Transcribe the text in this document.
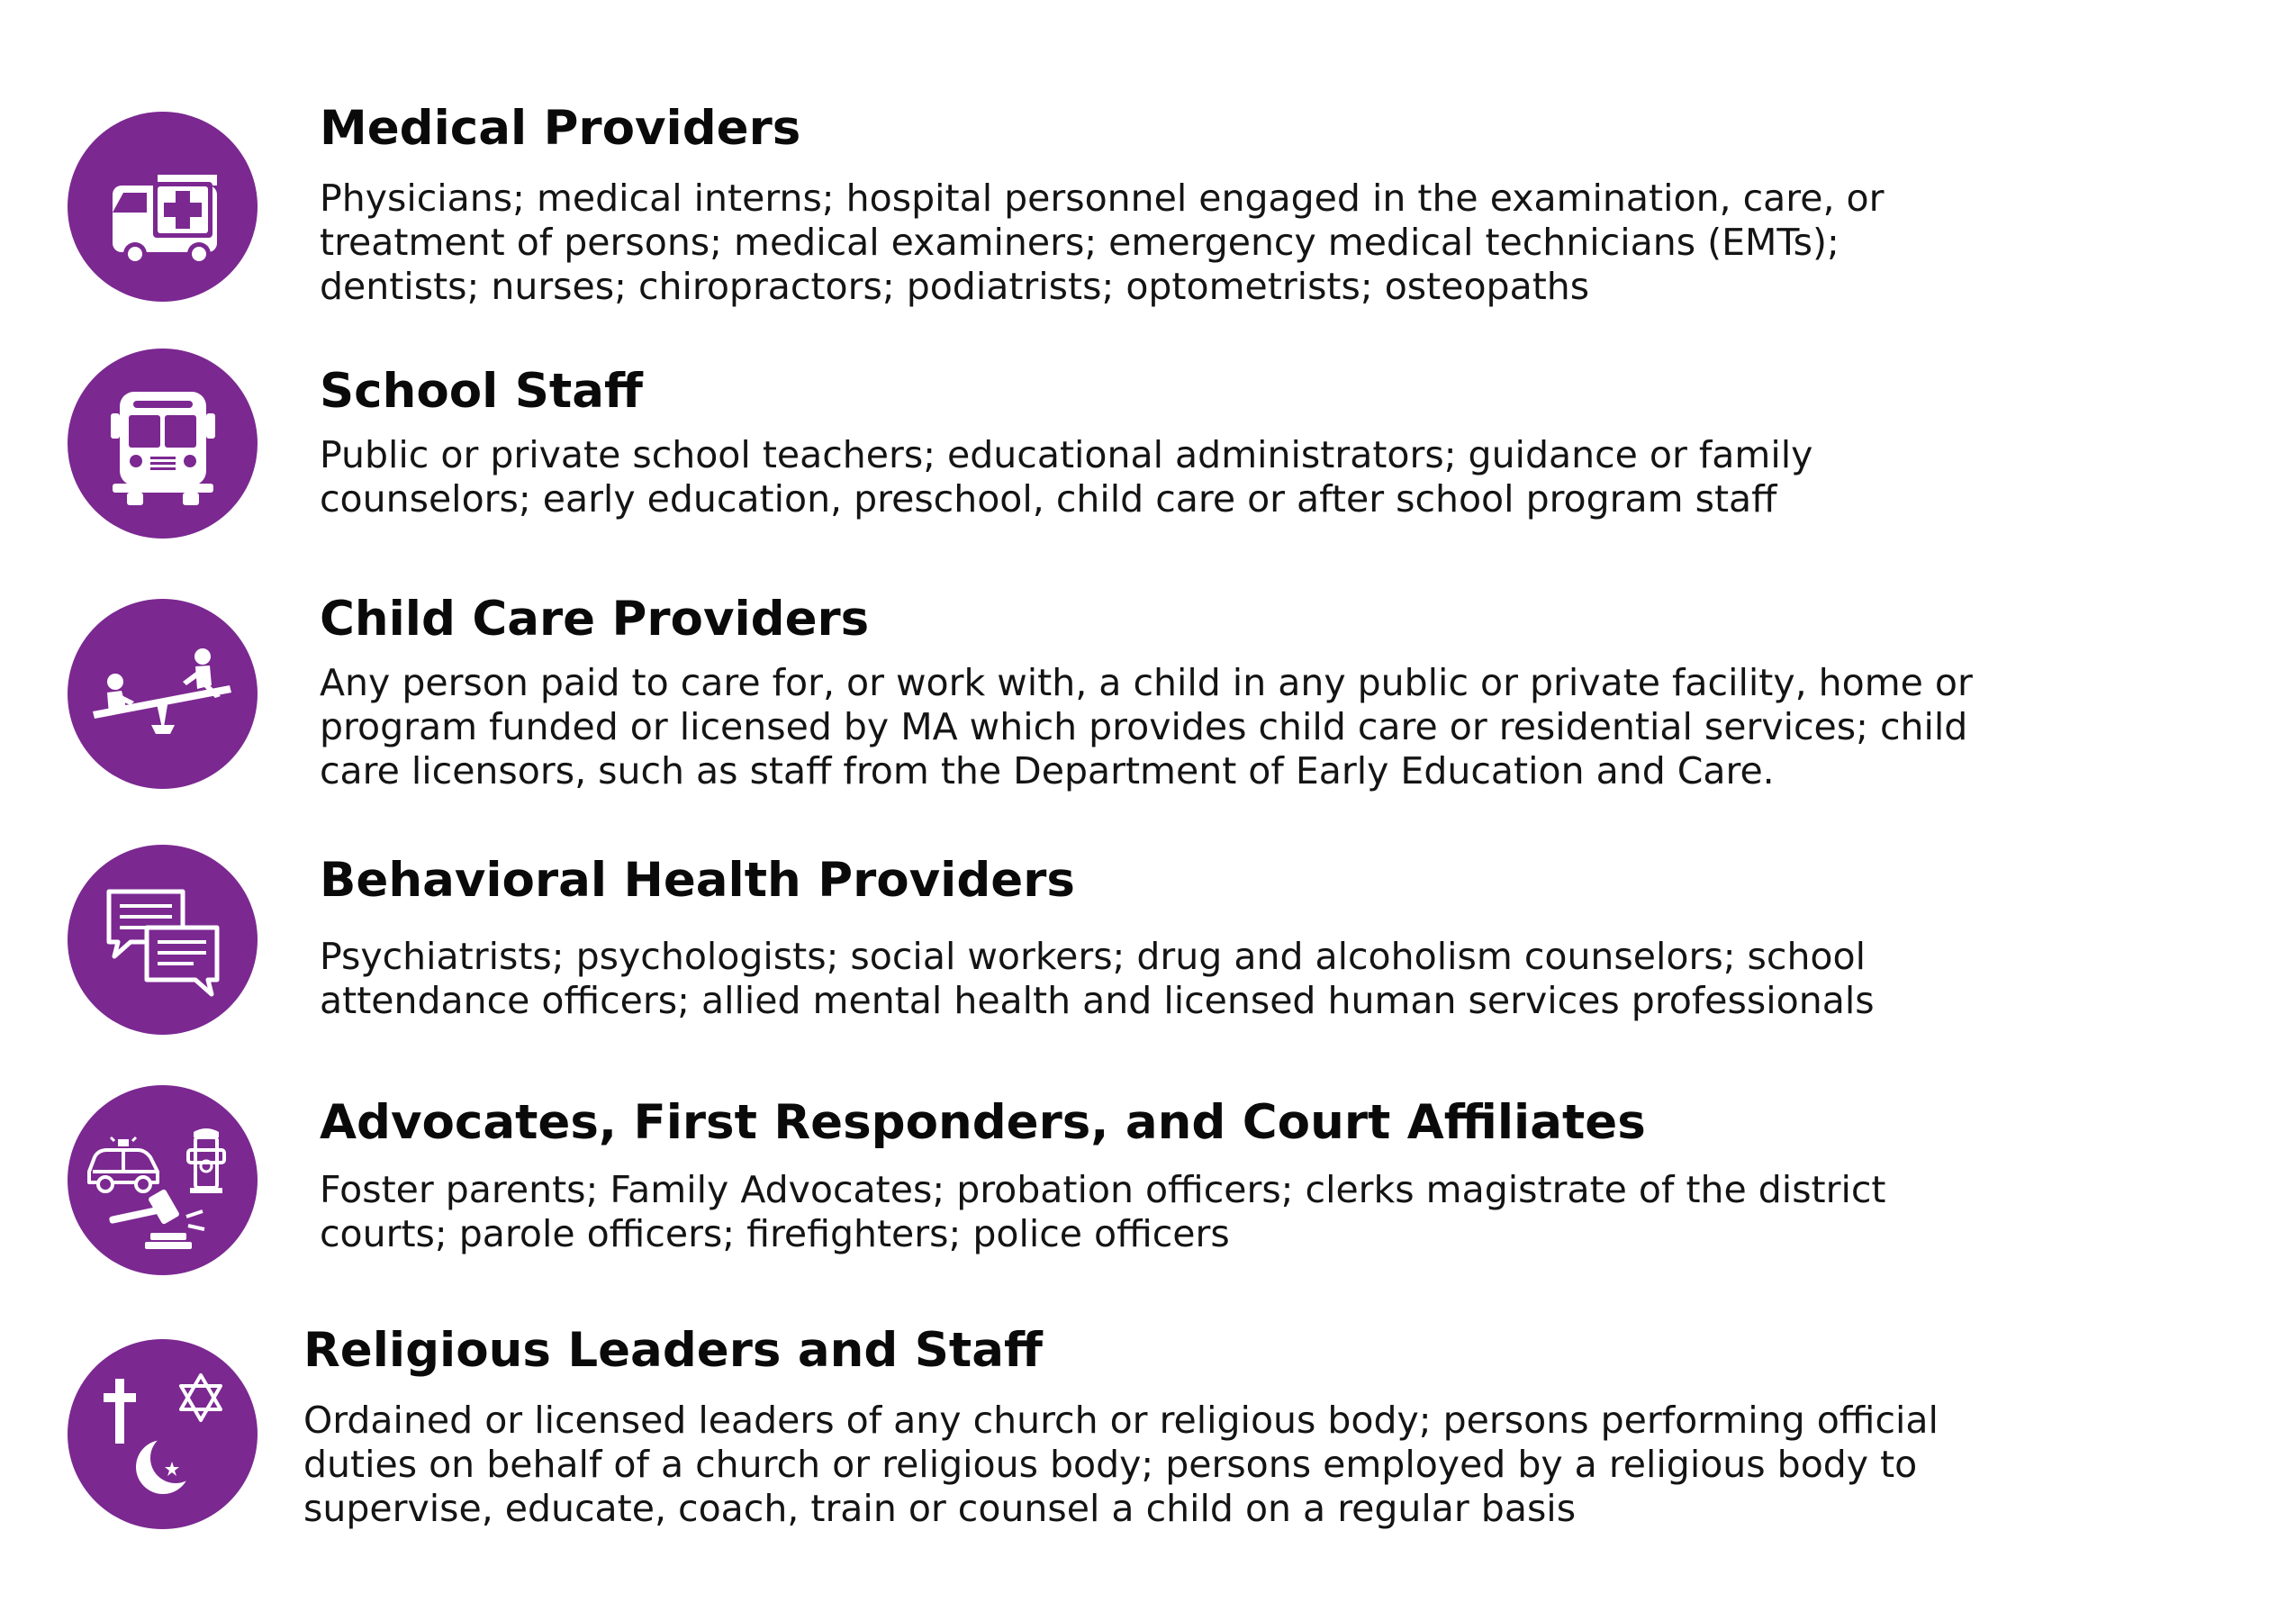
Medical Providers

Physicians; medical interns; hospital personnel engaged in the examination, care, or
treatment of persons; medical examiners; emergency medical technicians (EMTs);
dentists; nurses; chiropractors; podiatrists; optometrists; osteopaths

School Staff

Public or private school teachers; educational administrators; guidance or family
counselors; early education, preschool, child care or after school program staff

Child Care Providers

Any person paid to care for, or work with, a child in any public or private facility, home or
program funded or licensed by MA which provides child care or residential services; child
care licensors, such as staff from the Department of Early Education and Care.

Behavioral Health Providers

Psychiatrists; psychologists; social workers; drug and alcoholism counselors; school
attendance officers; allied mental health and licensed human services professionals

Advocates, First Responders, and Court Affiliates

Foster parents; Family Advocates; probation officers; clerks magistrate of the district
courts; parole officers; firefighters; police officers

Religious Leaders and Staff

Ordained or licensed leaders of any church or religious body; persons performing official
duties on behalf of a church or religious body; persons employed by a religious body to
supervise, educate, coach, train or counsel a child on a regular basis
